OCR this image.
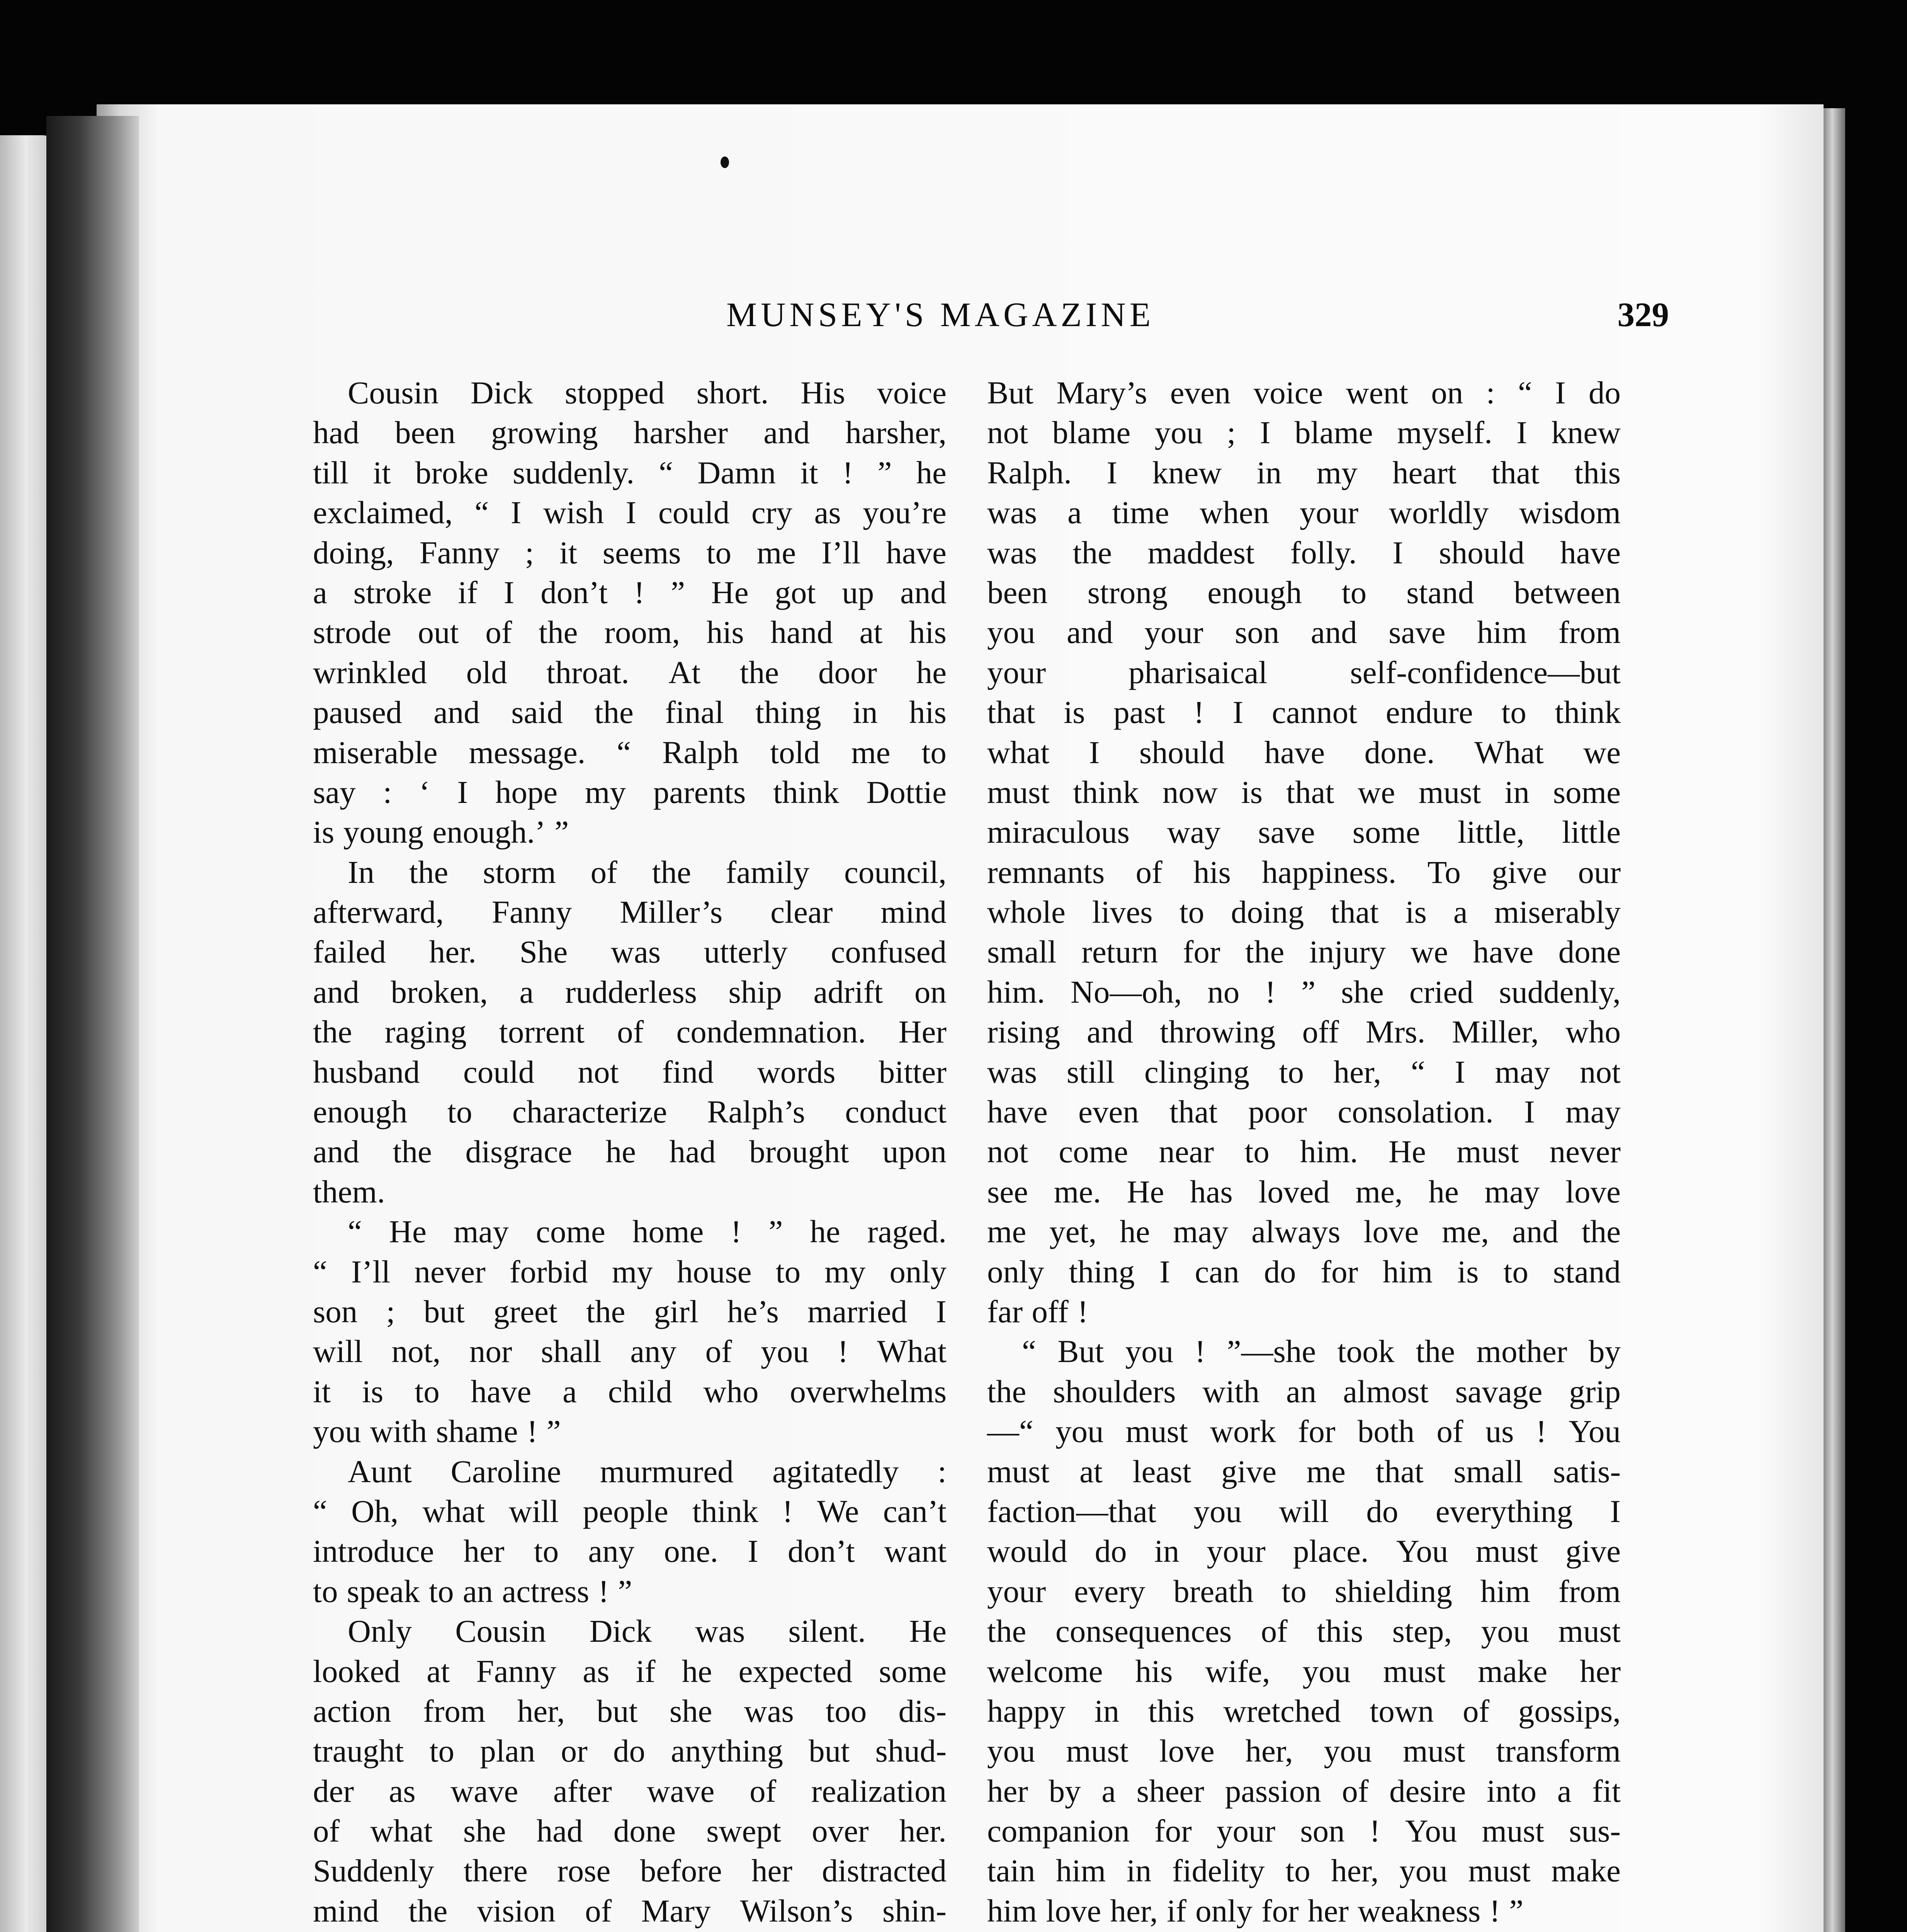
MUNSEY'S MAGAZINE	329
Cousin Dick stopped short. His voice
had been growing harsher and harsher,
till it broke suddenly. “ Damn it ! ” he
exclaimed, “ I wish I could cry as you’re
doing, Fanny ; it seems to me I’ll have
a stroke if I don’t ! ” He got up and
strode out of the room, his hand at his
wrinkled old throat. At the door he
paused and said the final thing in his
miserable message. “ Ralph told me to
say : ‘ I hope my parents think Dottie
is young enough.’ ”
In the storm of the family council,
afterward, Fanny Miller’s clear mind
failed her. She was utterly confused
and broken, a rudderless ship adrift on
the raging torrent of condemnation. Her
husband could not find words bitter
enough to characterize Ralph’s conduct
and the disgrace he had brought upon
them.
“ He may come home ! ” he raged.
“ I’ll never forbid my house to my only
son ; but greet the girl he’s married I
will not, nor shall any of you ! What
it is to have a child who overwhelms
you with shame ! ”
Aunt Caroline murmured agitatedly :
“ Oh, what will people think ! We can’t
introduce her to any one. I don’t want
to speak to an actress ! ”
Only Cousin Dick was silent. He
looked at Fanny as if he expected some
action from her, but she was too dis-
traught to plan or do anything but shud-
der as wave after wave of realization
of what she had done swept over her.
Suddenly there rose before her distracted
mind the vision of Mary Wilson’s shin-
But Mary’s even voice went on : “ I do
not blame you ; I blame myself. I knew
Ralph. I knew in my heart that this
was a time when your worldly wisdom
was the maddest folly. I should have
been strong enough to stand between
you and your son and save him from
your	pharisaical	self-confidence—but
that is past ! I cannot endure to think
what I should have done. What we
must think now is that we must in some
miraculous way save some little, little
remnants of his happiness. To give our
whole lives to doing that is a miserably
small return for the injury we have done
him. No—oh, no ! ” she cried suddenly,
rising and throwing off Mrs. Miller, who
was still clinging to her, “ I may not
have even that poor consolation. I may
not come near to him. He must never
see me. He has loved me, he may love
me yet, he may always love me, and the
only thing I can do for him is to stand
far off !
“ But you ! ”—she took the mother by
the shoulders with an almost savage grip
—“ you must work for both of us ! You
must at least give me that small satis-
faction—that you will do everything I
would do in your place. You must give
your every breath to shielding him from
the consequences of this step, you must
welcome his wife, you must make her
happy in this wretched town of gossips,
you must love her, you must transform
her by a sheer passion of desire into a fit
companion for your son ! You must sus-
tain him in fidelity to her, you must make
him love her, if only for her weakness ! ”
